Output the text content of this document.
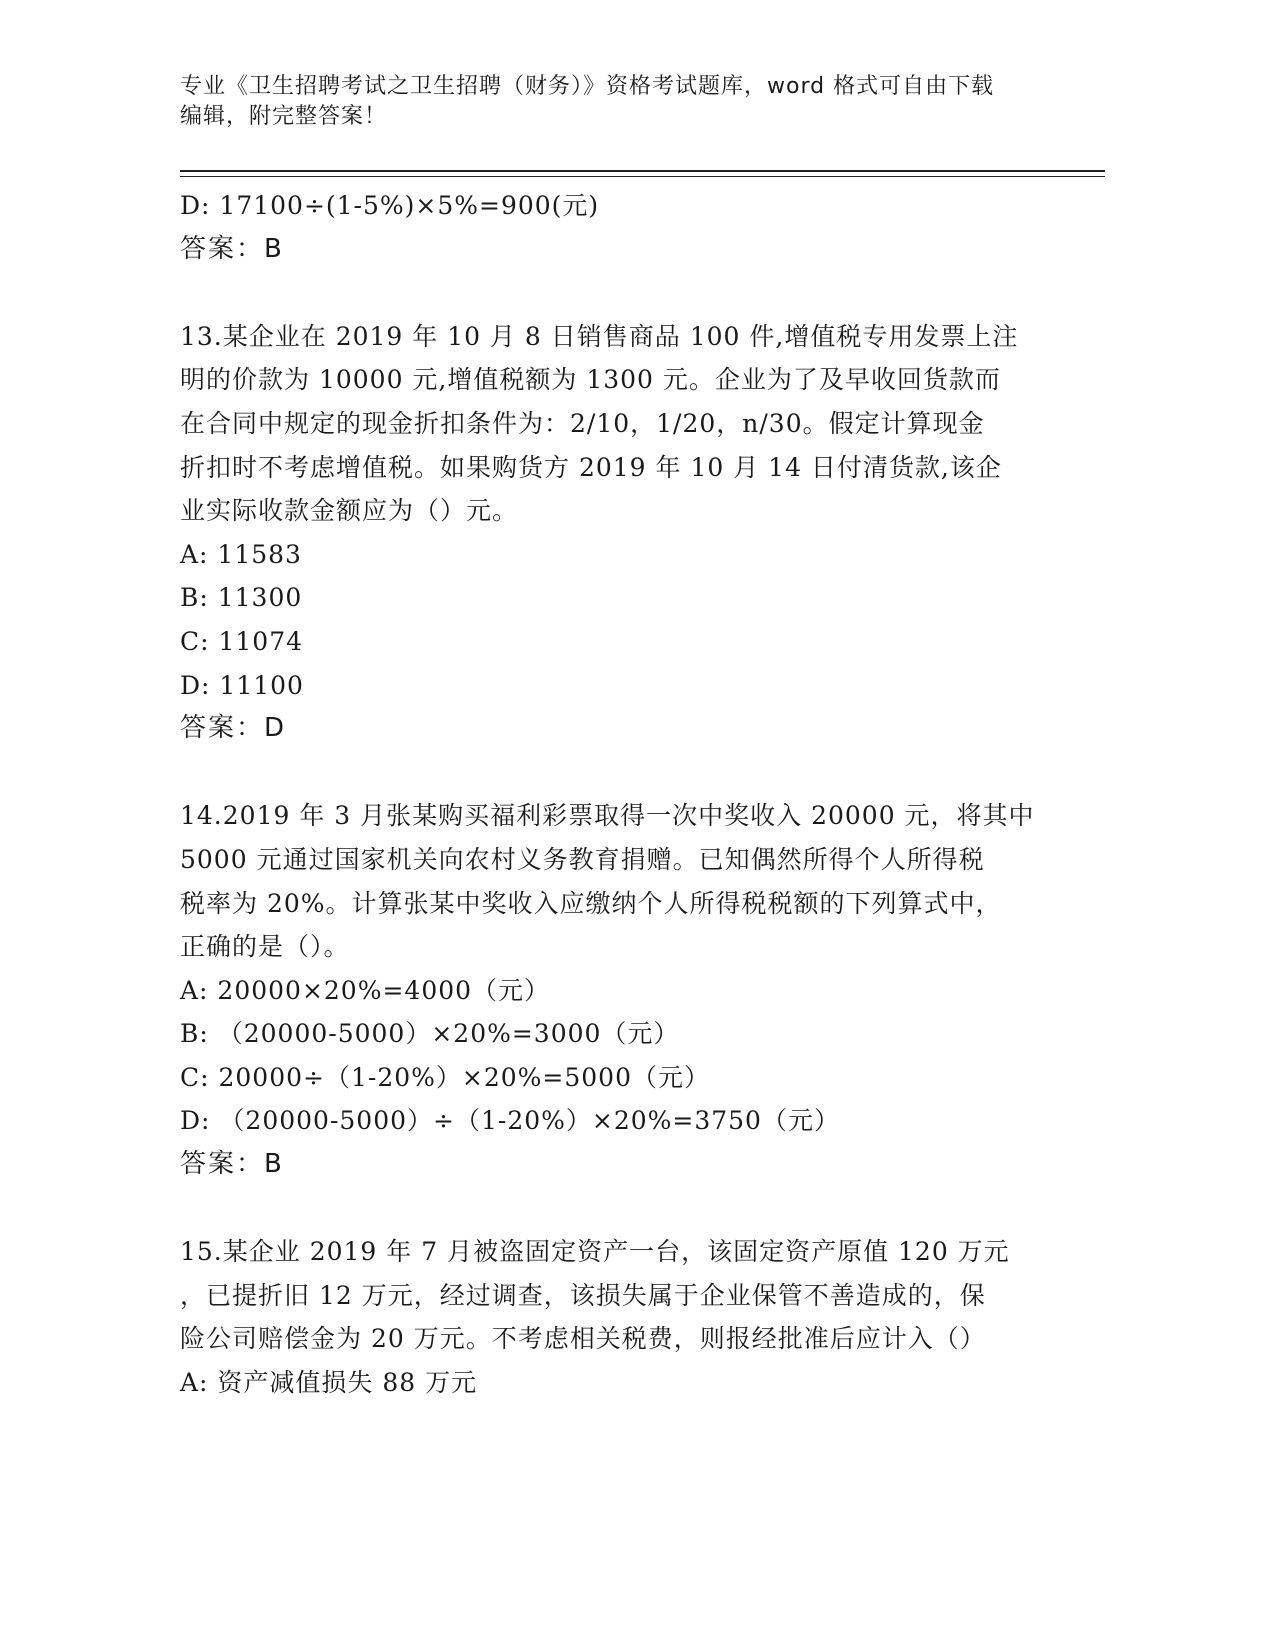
专业《卫生招聘考试之卫生招聘（财务）》资格考试题库，word 格式可自由下载
编辑，附完整答案！
D: 17100÷(1-5%)×5%=900(元)
答案：B
13.某企业在 2019 年 10 月 8 日销售商品 100 件,增值税专用发票上注
明的价款为 10000 元,增值税额为 1300 元。企业为了及早收回货款而
在合同中规定的现金折扣条件为：2/10，1/20，n/30。假定计算现金
折扣时不考虑增值税。如果购货方 2019 年 10 月 14 日付清货款,该企
业实际收款金额应为（）元。
A: 11583
B: 11300
C: 11074
D: 11100
答案：D
14.2019 年 3 月张某购买福利彩票取得一次中奖收入 20000 元，将其中
5000 元通过国家机关向农村义务教育捐赠。已知偶然所得个人所得税
税率为 20%。计算张某中奖收入应缴纳个人所得税税额的下列算式中，
正确的是（）。
A: 20000×20%=4000（元）
B: （20000-5000）×20%=3000（元）
C: 20000÷（1-20%）×20%=5000（元）
D: （20000-5000）÷（1-20%）×20%=3750（元）
答案：B
15.某企业 2019 年 7 月被盗固定资产一台，该固定资产原值 120 万元
，已提折旧 12 万元，经过调查，该损失属于企业保管不善造成的，保
险公司赔偿金为 20 万元。不考虑相关税费，则报经批准后应计入（）
A: 资产减值损失 88 万元
